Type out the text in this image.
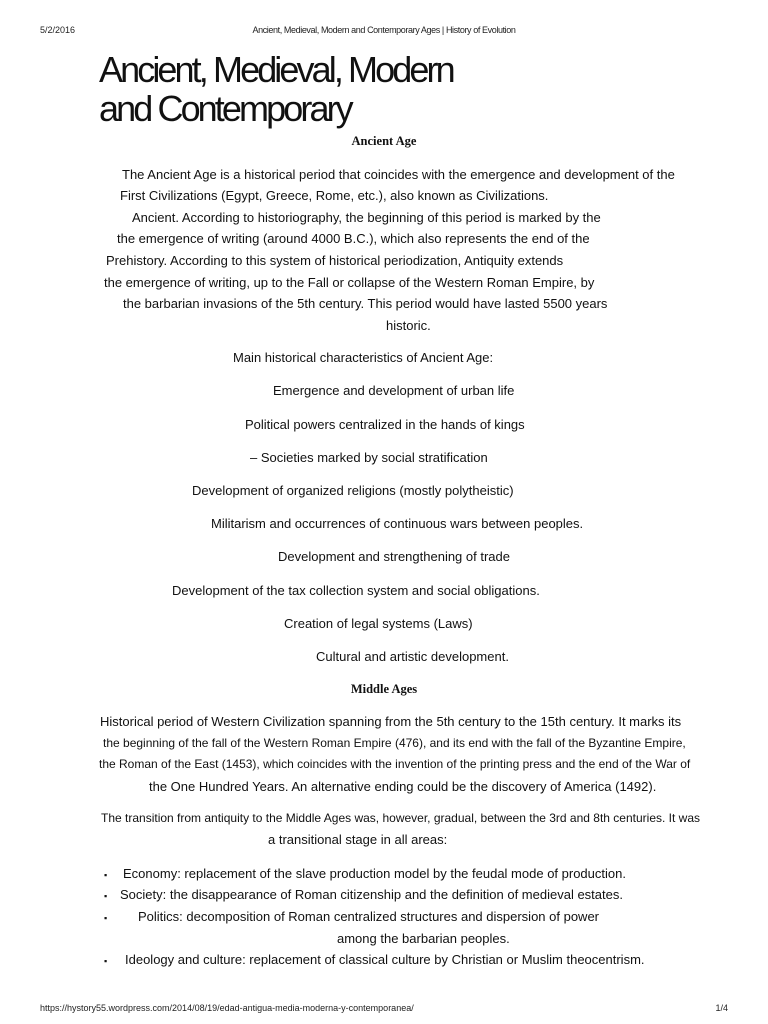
5/2/2016	Ancient, Medieval, Modern and Contemporary Ages | History of Evolution
Ancient, Medieval, Modern
and Contemporary
Ancient Age
The Ancient Age is a historical period that coincides with the emergence and development of the
First Civilizations (Egypt, Greece, Rome, etc.), also known as Civilizations.
Ancient. According to historiography, the beginning of this period is marked by the
the emergence of writing (around 4000 B.C.), which also represents the end of the
Prehistory. According to this system of historical periodization, Antiquity extends
the emergence of writing, up to the Fall or collapse of the Western Roman Empire, by
the barbarian invasions of the 5th century. This period would have lasted 5500 years
historic.
Main historical characteristics of Ancient Age:
Emergence and development of urban life
Political powers centralized in the hands of kings
– Societies marked by social stratification
Development of organized religions (mostly polytheistic)
Militarism and occurrences of continuous wars between peoples.
Development and strengthening of trade
Development of the tax collection system and social obligations.
Creation of legal systems (Laws)
Cultural and artistic development.
Middle Ages
Historical period of Western Civilization spanning from the 5th century to the 15th century. It marks its
the beginning of the fall of the Western Roman Empire (476), and its end with the fall of the Byzantine Empire,
the Roman of the East (1453), which coincides with the invention of the printing press and the end of the War of
the One Hundred Years. An alternative ending could be the discovery of America (1492).
The transition from antiquity to the Middle Ages was, however, gradual, between the 3rd and 8th centuries. It was
a transitional stage in all areas:
▪ Economy: replacement of the slave production model by the feudal mode of production.
▪ Society: the disappearance of Roman citizenship and the definition of medieval estates.
▪ Politics: decomposition of Roman centralized structures and dispersion of power
among the barbarian peoples.
▪ Ideology and culture: replacement of classical culture by Christian or Muslim theocentrism.
https://hystory55.wordpress.com/2014/08/19/edad-antigua-media-moderna-y-contemporanea/	1/4
